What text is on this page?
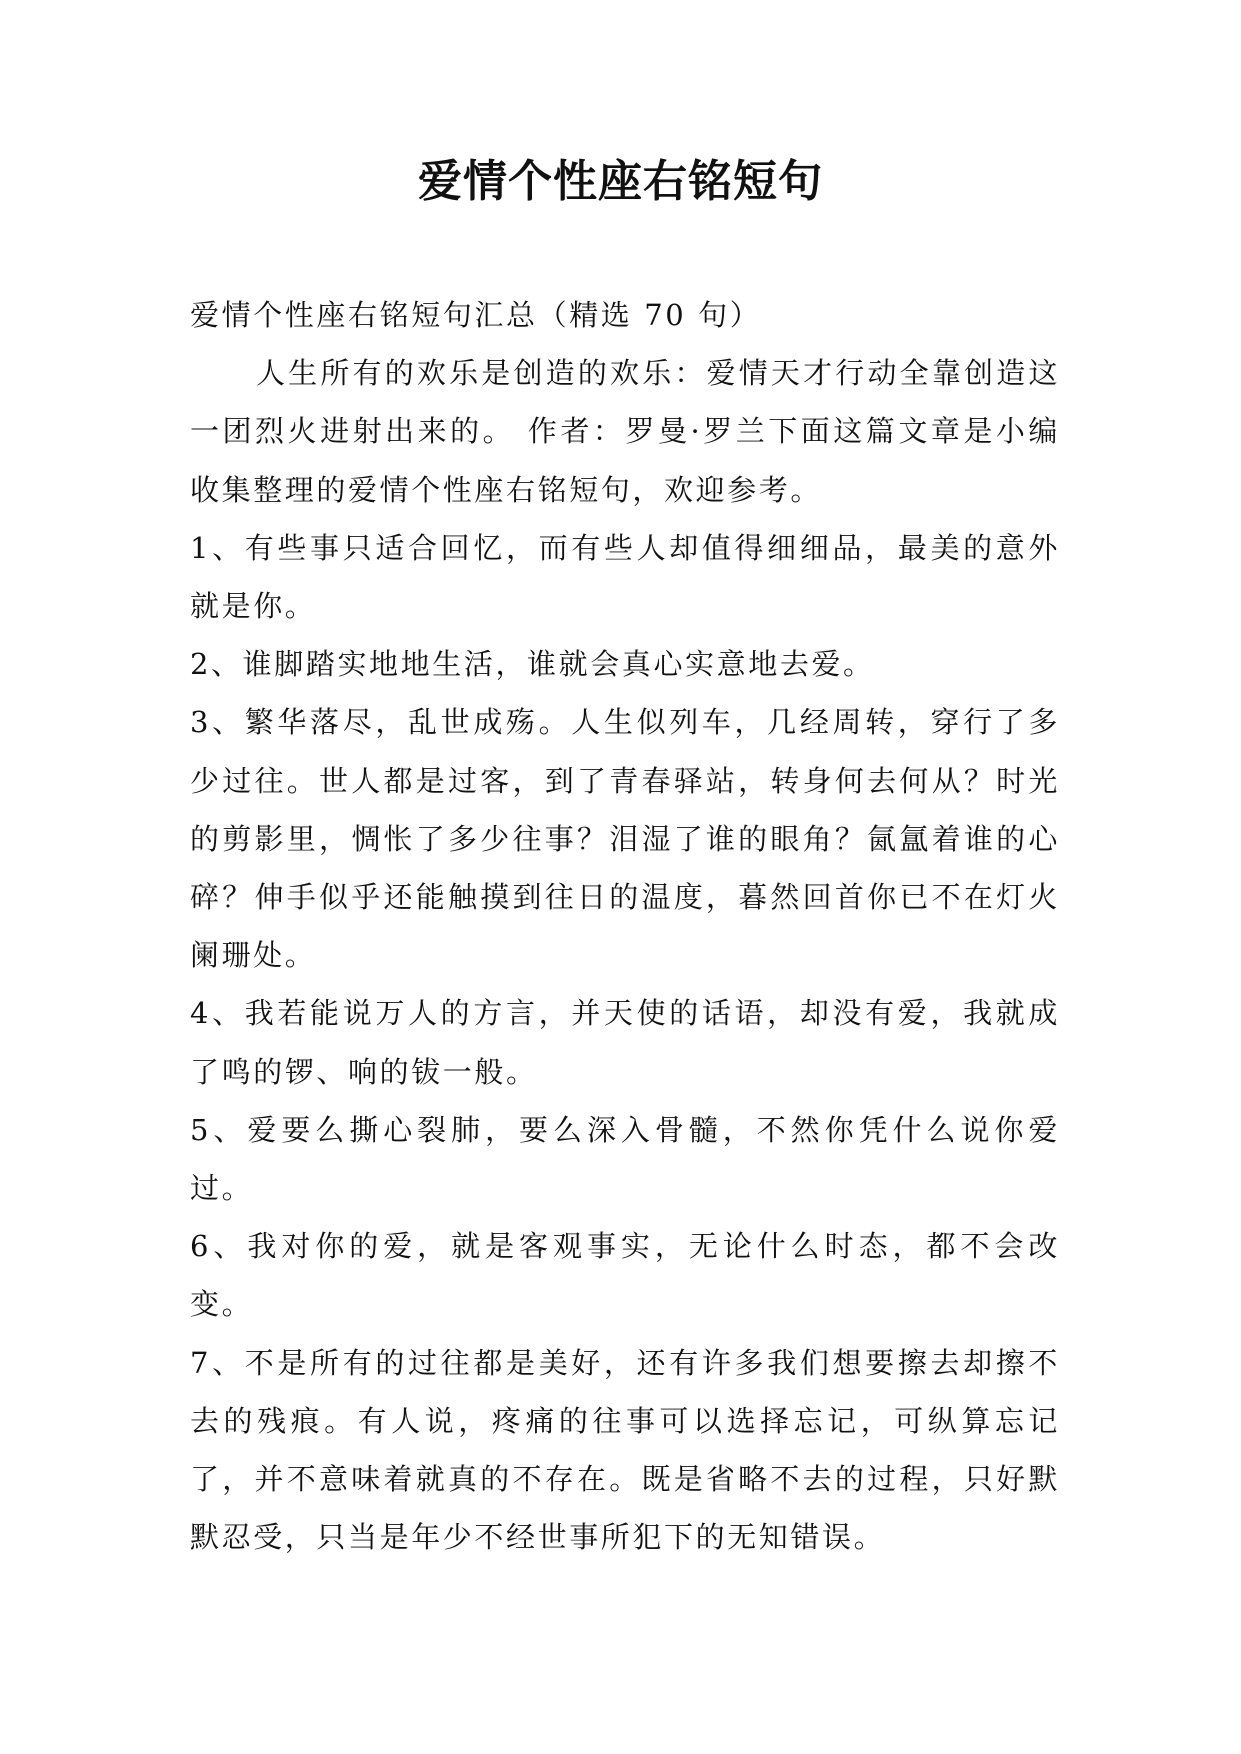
爱情个性座右铭短句

爱情个性座右铭短句汇总（精选 70 句）

人生所有的欢乐是创造的欢乐：爱情天才行动全靠创造这一团烈火进射出来的。 作者：罗曼·罗兰下面这篇文章是小编收集整理的爱情个性座右铭短句，欢迎参考。

1、有些事只适合回忆，而有些人却值得细细品，最美的意外就是你。

2、谁脚踏实地地生活，谁就会真心实意地去爱。

3、繁华落尽，乱世成殇。人生似列车，几经周转，穿行了多少过往。世人都是过客，到了青春驿站，转身何去何从？时光的剪影里，惆怅了多少往事？泪湿了谁的眼角？氤氲着谁的心碎？伸手似乎还能触摸到往日的温度，暮然回首你已不在灯火阑珊处。

4、我若能说万人的方言，并天使的话语，却没有爱，我就成了鸣的锣、响的钹一般。

5、爱要么撕心裂肺，要么深入骨髓，不然你凭什么说你爱过。

6、我对你的爱，就是客观事实，无论什么时态，都不会改变。

7、不是所有的过往都是美好，还有许多我们想要擦去却擦不去的残痕。有人说，疼痛的往事可以选择忘记，可纵算忘记了，并不意味着就真的不存在。既是省略不去的过程，只好默默忍受，只当是年少不经世事所犯下的无知错误。
